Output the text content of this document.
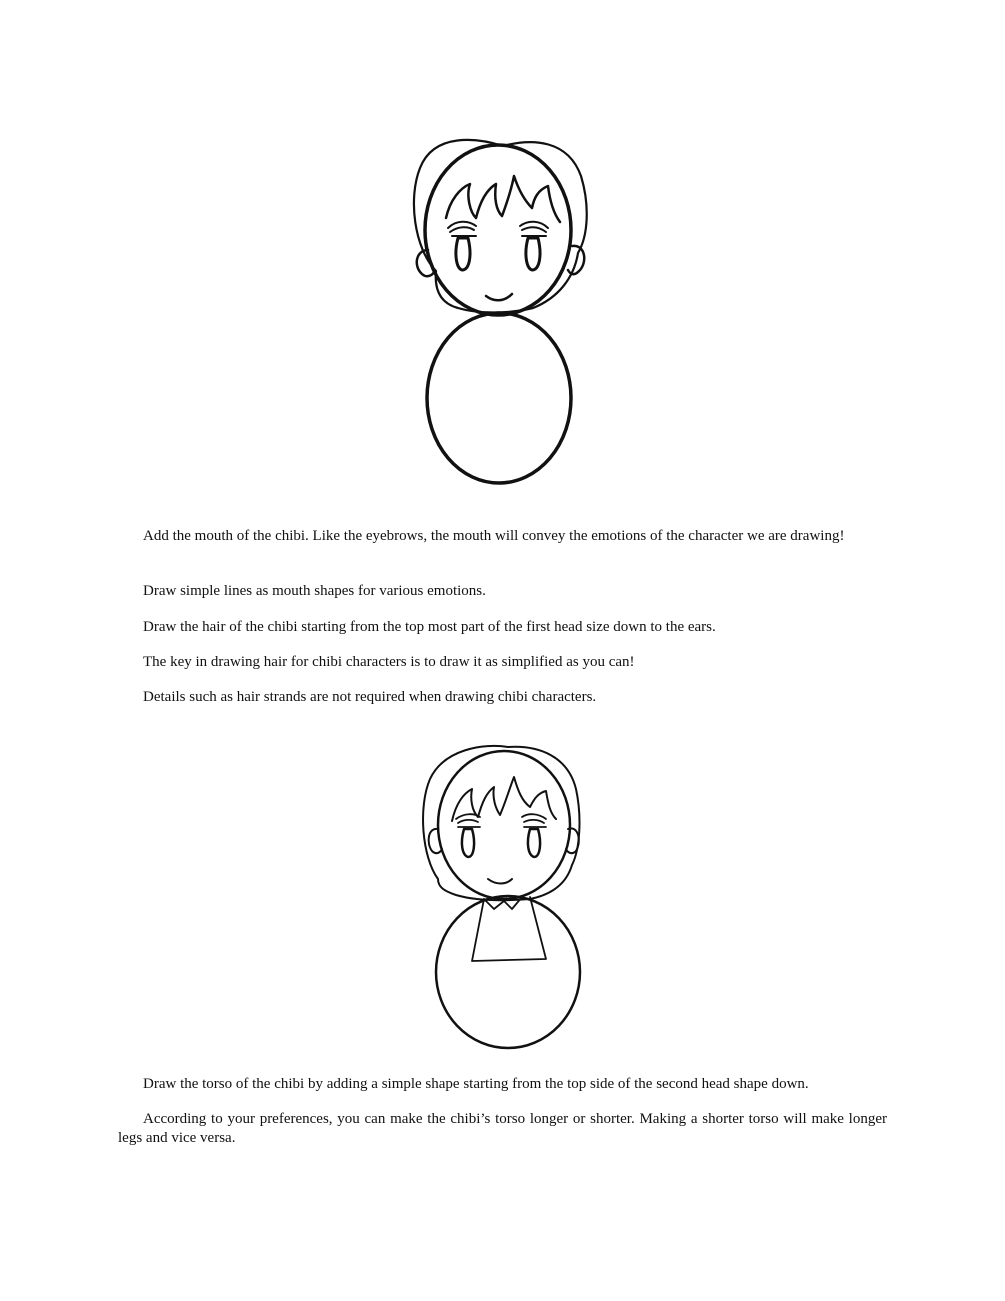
Add the mouth of the chibi. Like the eyebrows, the mouth will convey the emotions of the character we are drawing!

Draw simple lines as mouth shapes for various emotions.

Draw the hair of the chibi starting from the top most part of the first head size down to the ears.

The key in drawing hair for chibi characters is to draw it as simplified as you can!

Details such as hair strands are not required when drawing chibi characters.

Draw the torso of the chibi by adding a simple shape starting from the top side of the second head shape down.

According to your preferences, you can make the chibi’s torso longer or shorter. Making a shorter torso will make longer legs and vice versa.
